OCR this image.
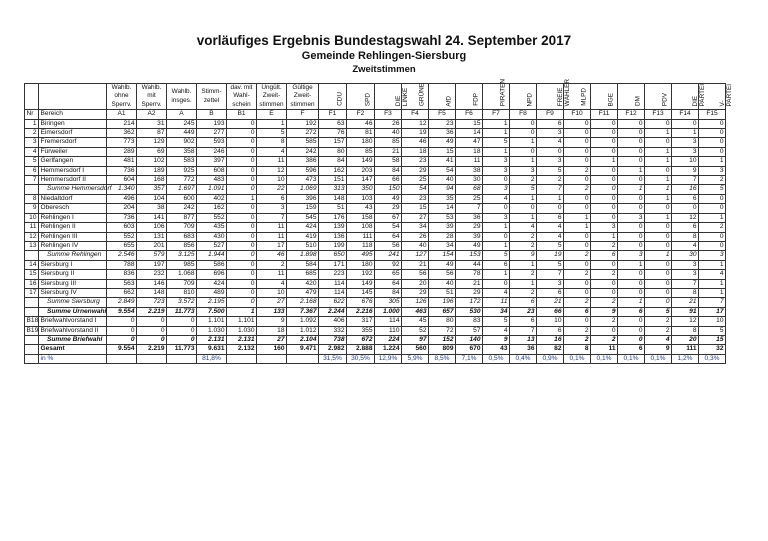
vorläufiges Ergebnis Bundestagswahl 24. September 2017
Gemeinde Rehlingen-Siersburg
Zweitstimmen
		Wahlb. ohne Sperrv.	Wahlb. mit Sperrv.	Wahlb. insges.	Stimm-zettel	dav. mit Wahl-schein	Ungült. Zweit-stimmen	Gültige Zweit-stimmen	CDU	SPD	DIE LINKE	GRÜNE	AfD	FDP	PIRATEN	NPD	FREIE WÄHLER	MLPD	BGE	DM	PDV	DIE PARTEI	V-PARTEI

Nr	Bereich	A1	A2	A	B	B1	E	F	F1	F2	F3	F4	F5	F6	F7	F8	F9	F10	F11	F12	F13	F14	F15
1	Biringen	214	31	245	193	0	1	192	63	46	26	12	23	15	1	0	6	0	0	0	0	0	0
2	Eimersdorf	362	87	449	277	0	5	272	76	81	40	19	36	14	1	0	3	0	0	0	1	1	0
3	Fremersdorf	773	129	902	593	0	8	585	157	180	85	46	49	47	5	1	4	0	0	0	0	3	0
4	Fürweiler	289	69	358	246	0	4	242	80	85	21	18	15	18	1	0	0	0	0	0	1	3	0
5	Gerlfangen	481	102	583	397	0	11	386	84	149	58	23	41	11	3	1	3	0	1	0	1	10	1
6	Hemmersdorf I	736	189	925	608	0	12	596	162	203	84	29	54	38	3	3	5	2	0	1	0	9	3
7	Hemmersdorf II	604	168	772	483	0	10	473	151	147	66	25	40	30	0	2	2	0	0	0	1	7	2
	Summe Hemmersdorf	1.340	357	1.697	1.091	0	22	1.069	313	350	150	54	94	68	3	5	7	2	0	1	1	16	5
8	Niedaltdorf	496	104	600	402	1	6	396	148	103	49	23	35	25	4	1	1	0	0	0	1	6	0
9	Oberesch	204	38	242	162	0	3	159	51	43	29	15	14	7	0	0	0	0	0	0	0	0	0
10	Rehlingen I	736	141	877	552	0	7	545	176	158	67	27	53	36	3	1	6	1	0	3	1	12	1
11	Rehlingen II	603	106	709	435	0	11	424	139	108	54	34	39	29	1	4	4	1	3	0	0	6	2
12	Rehlingen III	552	131	683	430	0	11	419	136	111	64	26	28	39	0	2	4	0	1	0	0	8	0
13	Rehlingen IV	655	201	856	527	0	17	510	199	118	56	40	34	49	1	2	5	0	2	0	0	4	0
	Summe Rehlingen	2.546	579	3.125	1.944	0	46	1.898	650	495	241	127	154	153	5	9	19	2	6	3	1	30	3
14	Siersburg I	788	197	985	586	0	2	584	171	180	92	21	49	44	6	1	5	0	0	1	0	3	1
15	Siersburg II	836	232	1.068	696	0	11	685	223	192	65	56	56	78	1	2	7	2	2	0	0	3	4
16	Siersburg III	563	146	709	424	0	4	420	114	149	64	20	40	21	0	1	3	0	0	0	0	7	1
17	Siersburg IV	662	148	810	489	0	10	479	114	145	84	29	51	29	4	2	6	0	0	0	0	8	1
	Summe Siersburg	2.849	723	3.572	2.195	0	27	2.168	622	676	305	126	196	172	11	6	21	2	2	1	0	21	7
	Summe Urnenwahl	9.554	2.219	11.773	7.500	1	133	7.367	2.244	2.216	1.000	463	657	530	34	23	66	6	9	6	5	91	17
B18	Briefwahlvorstand I	0	0	0	1.101	1.101	9	1.092	406	317	114	45	80	83	5	6	10	0	2	0	2	12	10
B19	Briefwahlvorstand II	0	0	0	1.030	1.030	18	1.012	332	355	110	52	72	57	4	7	6	2	0	0	2	8	5
	Summe Briefwahl	0	0	0	2.131	2.131	27	2.104	738	672	224	97	152	140	9	13	16	2	2	0	4	20	15
	Gesamt	9.554	2.219	11.773	9.631	2.132	160	9.471	2.982	2.888	1.224	560	809	670	43	36	82	8	11	6	9	111	32
	in %				81,8%				31,5%	30,5%	12,9%	5,9%	8,5%	7,1%	0,5%	0,4%	0,9%	0,1%	0,1%	0,1%	0,1%	1,2%	0,3%
